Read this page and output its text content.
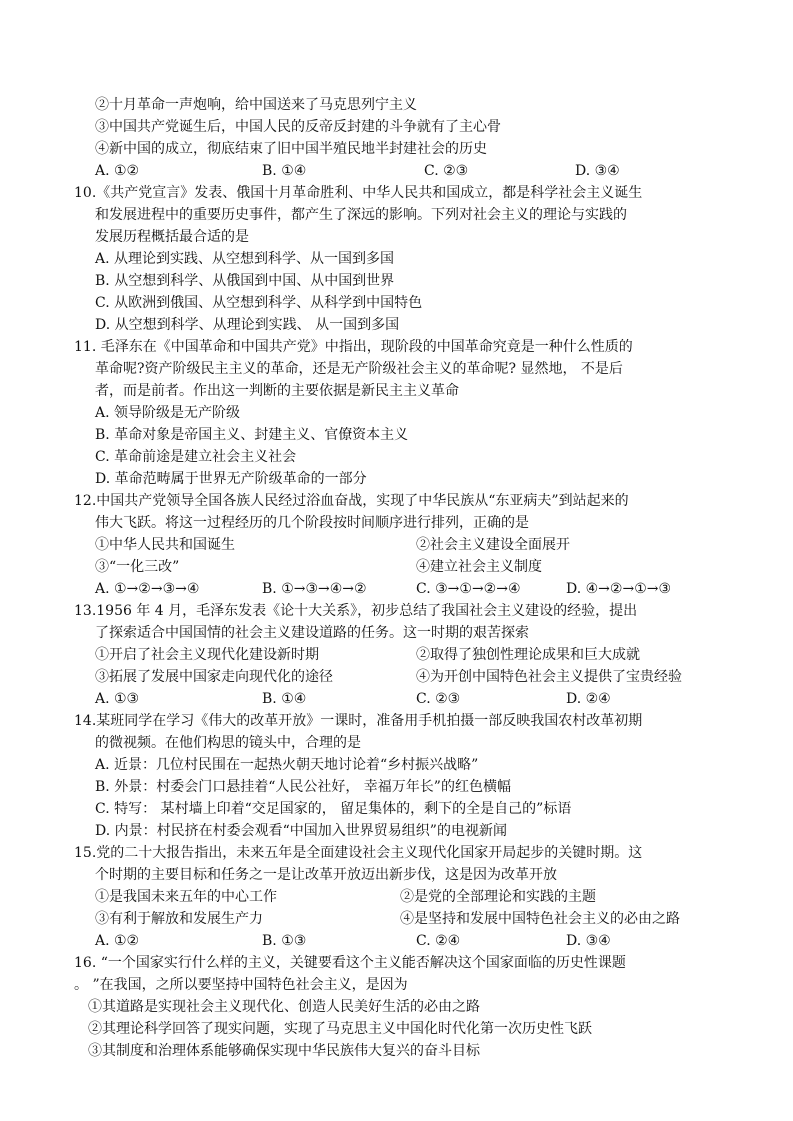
②十月革命一声炮响，给中国送来了马克思列宁主义
③中国共产党诞生后，中国人民的反帝反封建的斗争就有了主心骨
④新中国的成立，彻底结束了旧中国半殖民地半封建社会的历史
A. ①②	B. ①④	C. ②③	D. ③④
10.《共产党宣言》发表、俄国十月革命胜利、中华人民共和国成立，都是科学社会主义诞生
和发展进程中的重要历史事件，都产生了深远的影响。下列对社会主义的理论与实践的
发展历程概括最合适的是
A. 从理论到实践、从空想到科学、从一国到多国
B. 从空想到科学、从俄国到中国、从中国到世界
C. 从欧洲到俄国、从空想到科学、从科学到中国特色
D. 从空想到科学、从理论到实践、 从一国到多国
11. 毛泽东在《中国革命和中国共产党》中指出，现阶段的中国革命究竟是一种什么性质的
革命呢?资产阶级民主主义的革命，还是无产阶级社会主义的革命呢? 显然地， 不是后
者，而是前者。作出这一判断的主要依据是新民主主义革命
A. 领导阶级是无产阶级
B. 革命对象是帝国主义、封建主义、官僚资本主义
C. 革命前途是建立社会主义社会
D. 革命范畴属于世界无产阶级革命的一部分
12.中国共产党领导全国各族人民经过浴血奋战，实现了中华民族从“东亚病夫”到站起来的
伟大飞跃。将这一过程经历的几个阶段按时间顺序进行排列，正确的是
①中华人民共和国诞生	②社会主义建设全面展开
③“一化三改”	④建立社会主义制度
A. ①→②→③→④	B. ①→③→④→②	C. ③→①→②→④	D. ④→②→①→③
13.1956 年 4 月，毛泽东发表《论十大关系》，初步总结了我国社会主义建设的经验，提出
了探索适合中国国情的社会主义建设道路的任务。这一时期的艰苦探索
①开启了社会主义现代化建设新时期	②取得了独创性理论成果和巨大成就
③拓展了发展中国家走向现代化的途径	④为开创中国特色社会主义提供了宝贵经验
A. ①③	B. ①④	C. ②③	D. ②④
14.某班同学在学习《伟大的改革开放》一课时，准备用手机拍摄一部反映我国农村改革初期
的微视频。在他们构思的镜头中，合理的是
A. 近景：几位村民围在一起热火朝天地讨论着“乡村振兴战略”
B. 外景：村委会门口悬挂着“人民公社好， 幸福万年长”的红色横幅
C. 特写： 某村墙上印着“交足国家的， 留足集体的，剩下的全是自己的”标语
D. 内景：村民挤在村委会观看“中国加入世界贸易组织”的电视新闻
15.党的二十大报告指出，未来五年是全面建设社会主义现代化国家开局起步的关键时期。这
个时期的主要目标和任务之一是让改革开放迈出新步伐，这是因为改革开放
①是我国未来五年的中心工作	②是党的全部理论和实践的主题
③有利于解放和发展生产力	④是坚持和发展中国特色社会主义的必由之路
A. ①②	B. ①③	C. ②④	D. ③④
16. “一个国家实行什么样的主义，关键要看这个主义能否解决这个国家面临的历史性课题
。 ”在我国，之所以要坚持中国特色社会主义，是因为
①其道路是实现社会主义现代化、创造人民美好生活的必由之路
②其理论科学回答了现实问题，实现了马克思主义中国化时代化第一次历史性飞跃
③其制度和治理体系能够确保实现中华民族伟大复兴的奋斗目标
